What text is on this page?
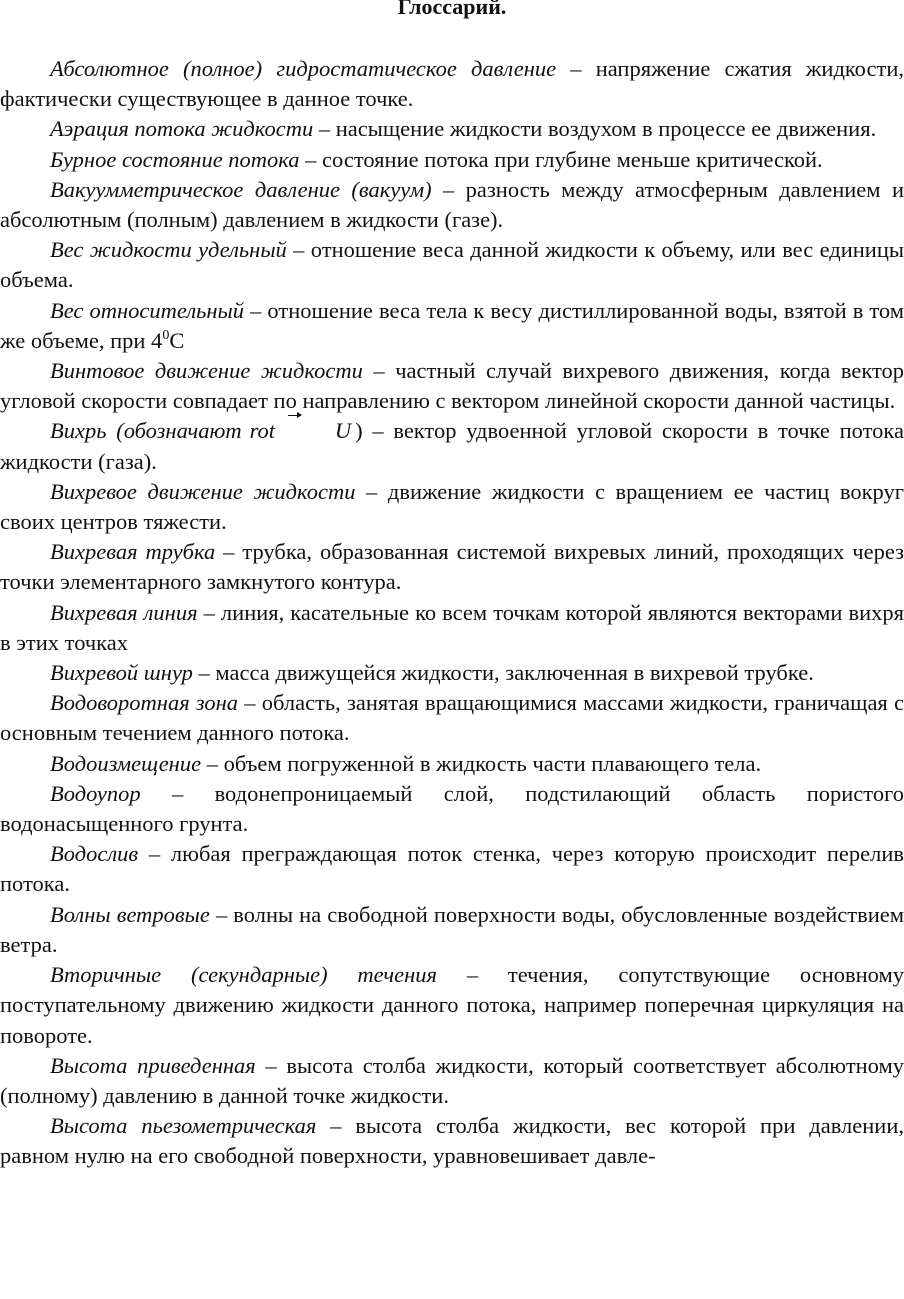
Глоссарий.

Абсолютное (полное) гидростатическое давление – напряжение сжатия жидкости, фактически существующее в данное точке.

Аэрация потока жидкости – насыщение жидкости воздухом в процессе ее движения.

Бурное состояние потока – состояние потока при глубине меньше критической.

Вакуумметрическое давление (вакуум) – разность между атмосферным давлением и абсолютным (полным) давлением в жидкости (газе).

Вес жидкости удельный – отношение веса данной жидкости к объему, или вес единицы объема.

Вес относительный – отношение веса тела к весу дистиллированной воды, взятой в том же объеме, при $4^0С$

Винтовое движение жидкости – частный случай вихревого движения, когда вектор угловой скорости совпадает по направлению с вектором линейной скорости данной частицы.

Вихрь (обозначают rot	U ) – вектор удвоенной угловой скорости в точке потока жидкости (газа).

Вихревое движение жидкости – движение жидкости с вращением ее частиц вокруг своих центров тяжести.

Вихревая трубка – трубка, образованная системой вихревых линий, проходящих через точки элементарного замкнутого контура.

Вихревая линия – линия, касательные ко всем точкам которой являются векторами вихря в этих точках

Вихревой шнур – масса движущейся жидкости, заключенная в вихревой трубке.

Водоворотная зона – область, занятая вращающимися массами жидкости, граничащая с основным течением данного потока.

Водоизмещение – объем погруженной в жидкость части плавающего тела.

Водоупор – водонепроницаемый слой, подстилающий область пористого водонасыщенного грунта.

Водослив – любая преграждающая поток стенка, через которую происходит перелив потока.

Волны ветровые – волны на свободной поверхности воды, обусловленные воздействием ветра.

Вторичные (секундарные) течения – течения, сопутствующие основному поступательному движению жидкости данного потока, например поперечная циркуляция на повороте.

Высота приведенная – высота столба жидкости, который соответствует абсолютному (полному) давлению в данной точке жидкости.

Высота пьезометрическая – высота столба жидкости, вес которой при давлении, равном нулю на его свободной поверхности, уравновешивает давле-
